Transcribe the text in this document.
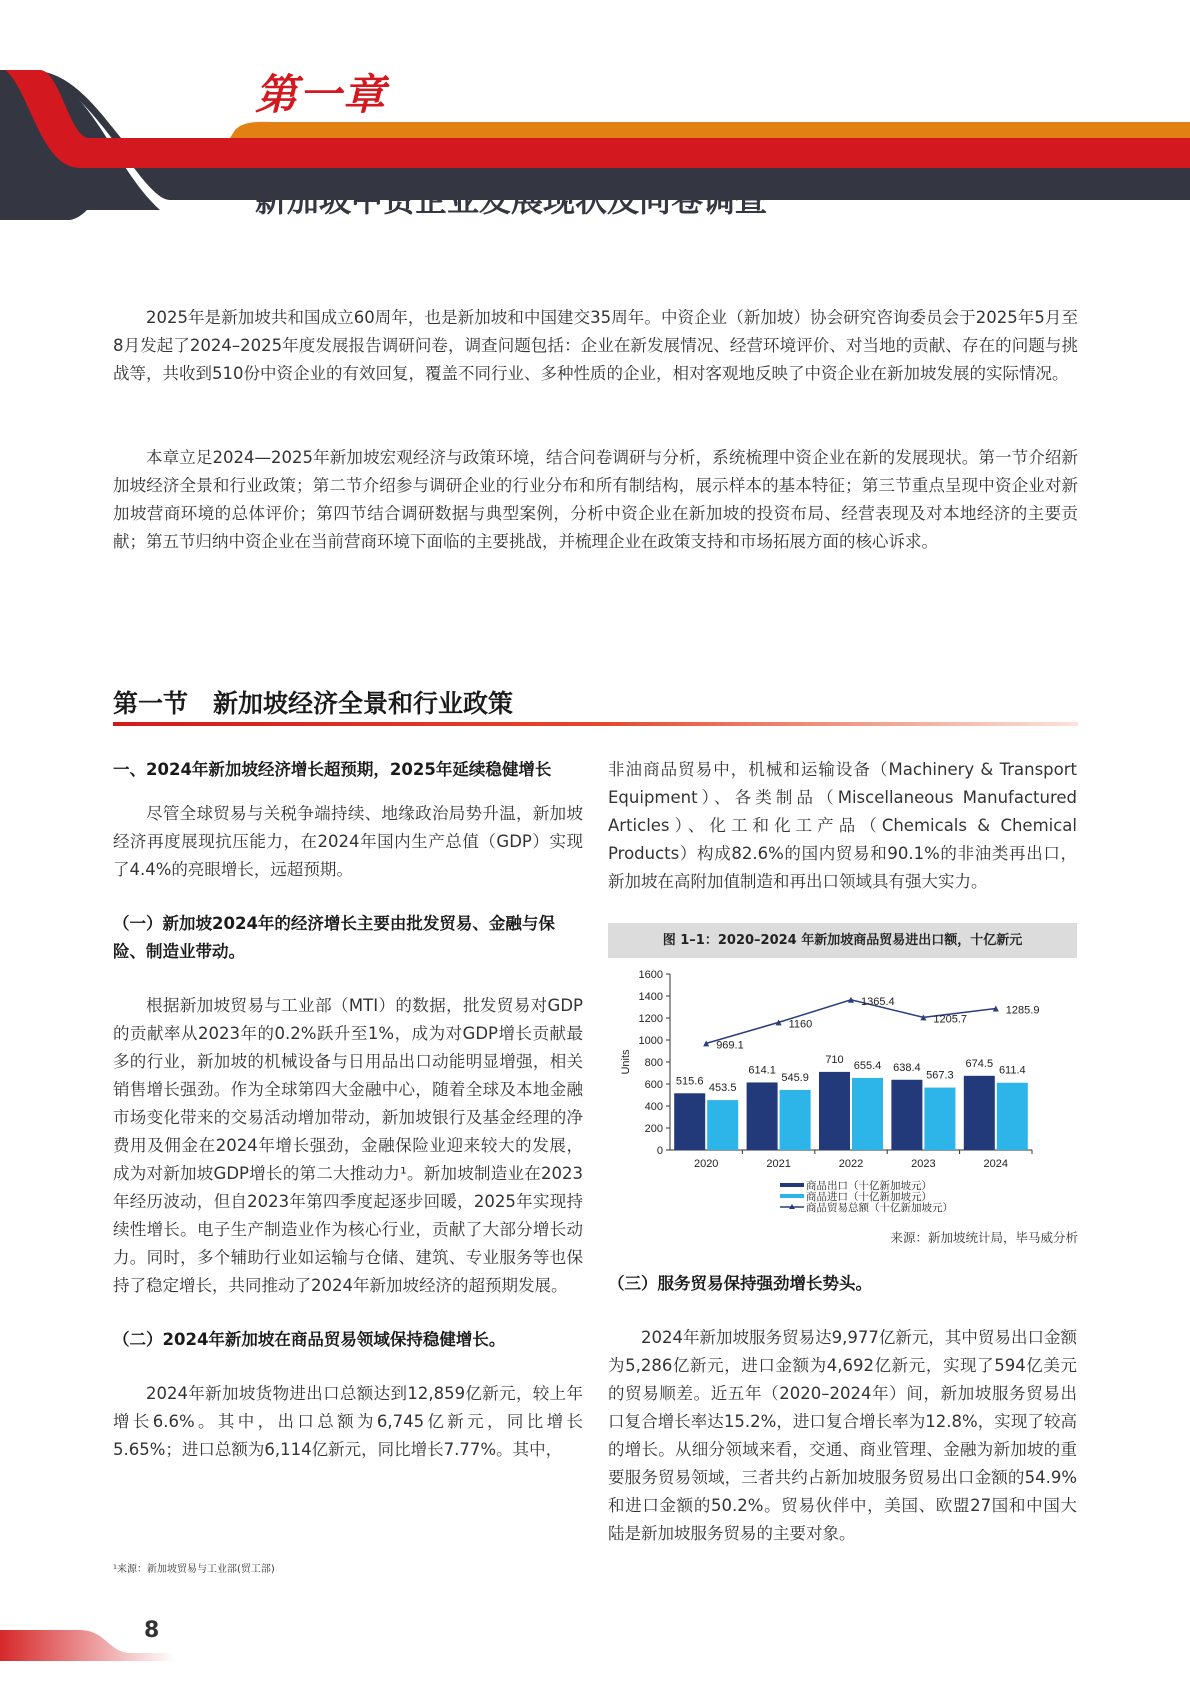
第一章
新加坡中资企业发展现状及问卷调查

2025年是新加坡共和国成立60周年，也是新加坡和中国建交35周年。中资企业（新加坡）协会研究咨询委员会于2025年5月至8月发起了2024–2025年度发展报告调研问卷，调查问题包括：企业在新发展情况、经营环境评价、对当地的贡献、存在的问题与挑战等，共收到510份中资企业的有效回复，覆盖不同行业、多种性质的企业，相对客观地反映了中资企业在新加坡发展的实际情况。

本章立足2024—2025年新加坡宏观经济与政策环境，结合问卷调研与分析，系统梳理中资企业在新的发展现状。第一节介绍新加坡经济全景和行业政策；第二节介绍参与调研企业的行业分布和所有制结构，展示样本的基本特征；第三节重点呈现中资企业对新加坡营商环境的总体评价；第四节结合调研数据与典型案例，分析中资企业在新加坡的投资布局、经营表现及对本地经济的主要贡献；第五节归纳中资企业在当前营商环境下面临的主要挑战，并梳理企业在政策支持和市场拓展方面的核心诉求。

第一节　新加坡经济全景和行业政策
一、2024年新加坡经济增长超预期，2025年延续稳健增长

尽管全球贸易与关税争端持续、地缘政治局势升温，新加坡经济再度展现抗压能力，在2024年国内生产总值（GDP）实现了4.4%的亮眼增长，远超预期。

（一）新加坡2024年的经济增长主要由批发贸易、金融与保险、制造业带动。

根据新加坡贸易与工业部（MTI）的数据，批发贸易对GDP的贡献率从2023年的0.2%跃升至1%，成为对GDP增长贡献最多的行业，新加坡的机械设备与日用品出口动能明显增强，相关销售增长强劲。作为全球第四大金融中心，随着全球及本地金融市场变化带来的交易活动增加带动，新加坡银行及基金经理的净费用及佣金在2024年增长强劲，金融保险业迎来较大的发展，成为对新加坡GDP增长的第二大推动力¹。新加坡制造业在2023年经历波动，但自2023年第四季度起逐步回暖，2025年实现持续性增长。电子生产制造业作为核心行业，贡献了大部分增长动力。同时，多个辅助行业如运输与仓储、建筑、专业服务等也保持了稳定增长，共同推动了2024年新加坡经济的超预期发展。

（二）2024年新加坡在商品贸易领域保持稳健增长。

2024年新加坡货物进出口总额达到12,859亿新元，较上年增长6.6%。其中，出口总额为6,745亿新元，同比增长5.65%；进口总额为6,114亿新元，同比增长7.77%。其中，

¹来源：新加坡贸易与工业部(贸工部)

非油商品贸易中，机械和运输设备（Machinery & Transport Equipment）、各类制品（Miscellaneous Manufactured Articles）、化工和化工产品（Chemicals & Chemical Products）构成82.6%的国内贸易和90.1%的非油类再出口，新加坡在高附加值制造和再出口领域具有强大实力。

图 1–1：2020–2024 年新加坡商品贸易进出口额，十亿新元
0
200
400
600
800
1000
1200
1400
1600
Units
2020
515.6
453.5
2021
614.1
545.9
2022
710
655.4
2023
638.4
567.3
2024
674.5
611.4
969.1
1160
1365.4
1205.7
1285.9
商品出口（十亿新加坡元）
商品进口（十亿新加坡元）
商品贸易总额（十亿新加坡元）
来源：新加坡统计局，毕马威分析
（三）服务贸易保持强劲增长势头。

2024年新加坡服务贸易达9,977亿新元，其中贸易出口金额为5,286亿新元，进口金额为4,692亿新元，实现了594亿美元的贸易顺差。近五年（2020–2024年）间，新加坡服务贸易出口复合增长率达15.2%，进口复合增长率为12.8%，实现了较高的增长。从细分领域来看，交通、商业管理、金融为新加坡的重要服务贸易领域，三者共约占新加坡服务贸易出口金额的54.9%和进口金额的50.2%。贸易伙伴中，美国、欧盟27国和中国大陆是新加坡服务贸易的主要对象。

8
